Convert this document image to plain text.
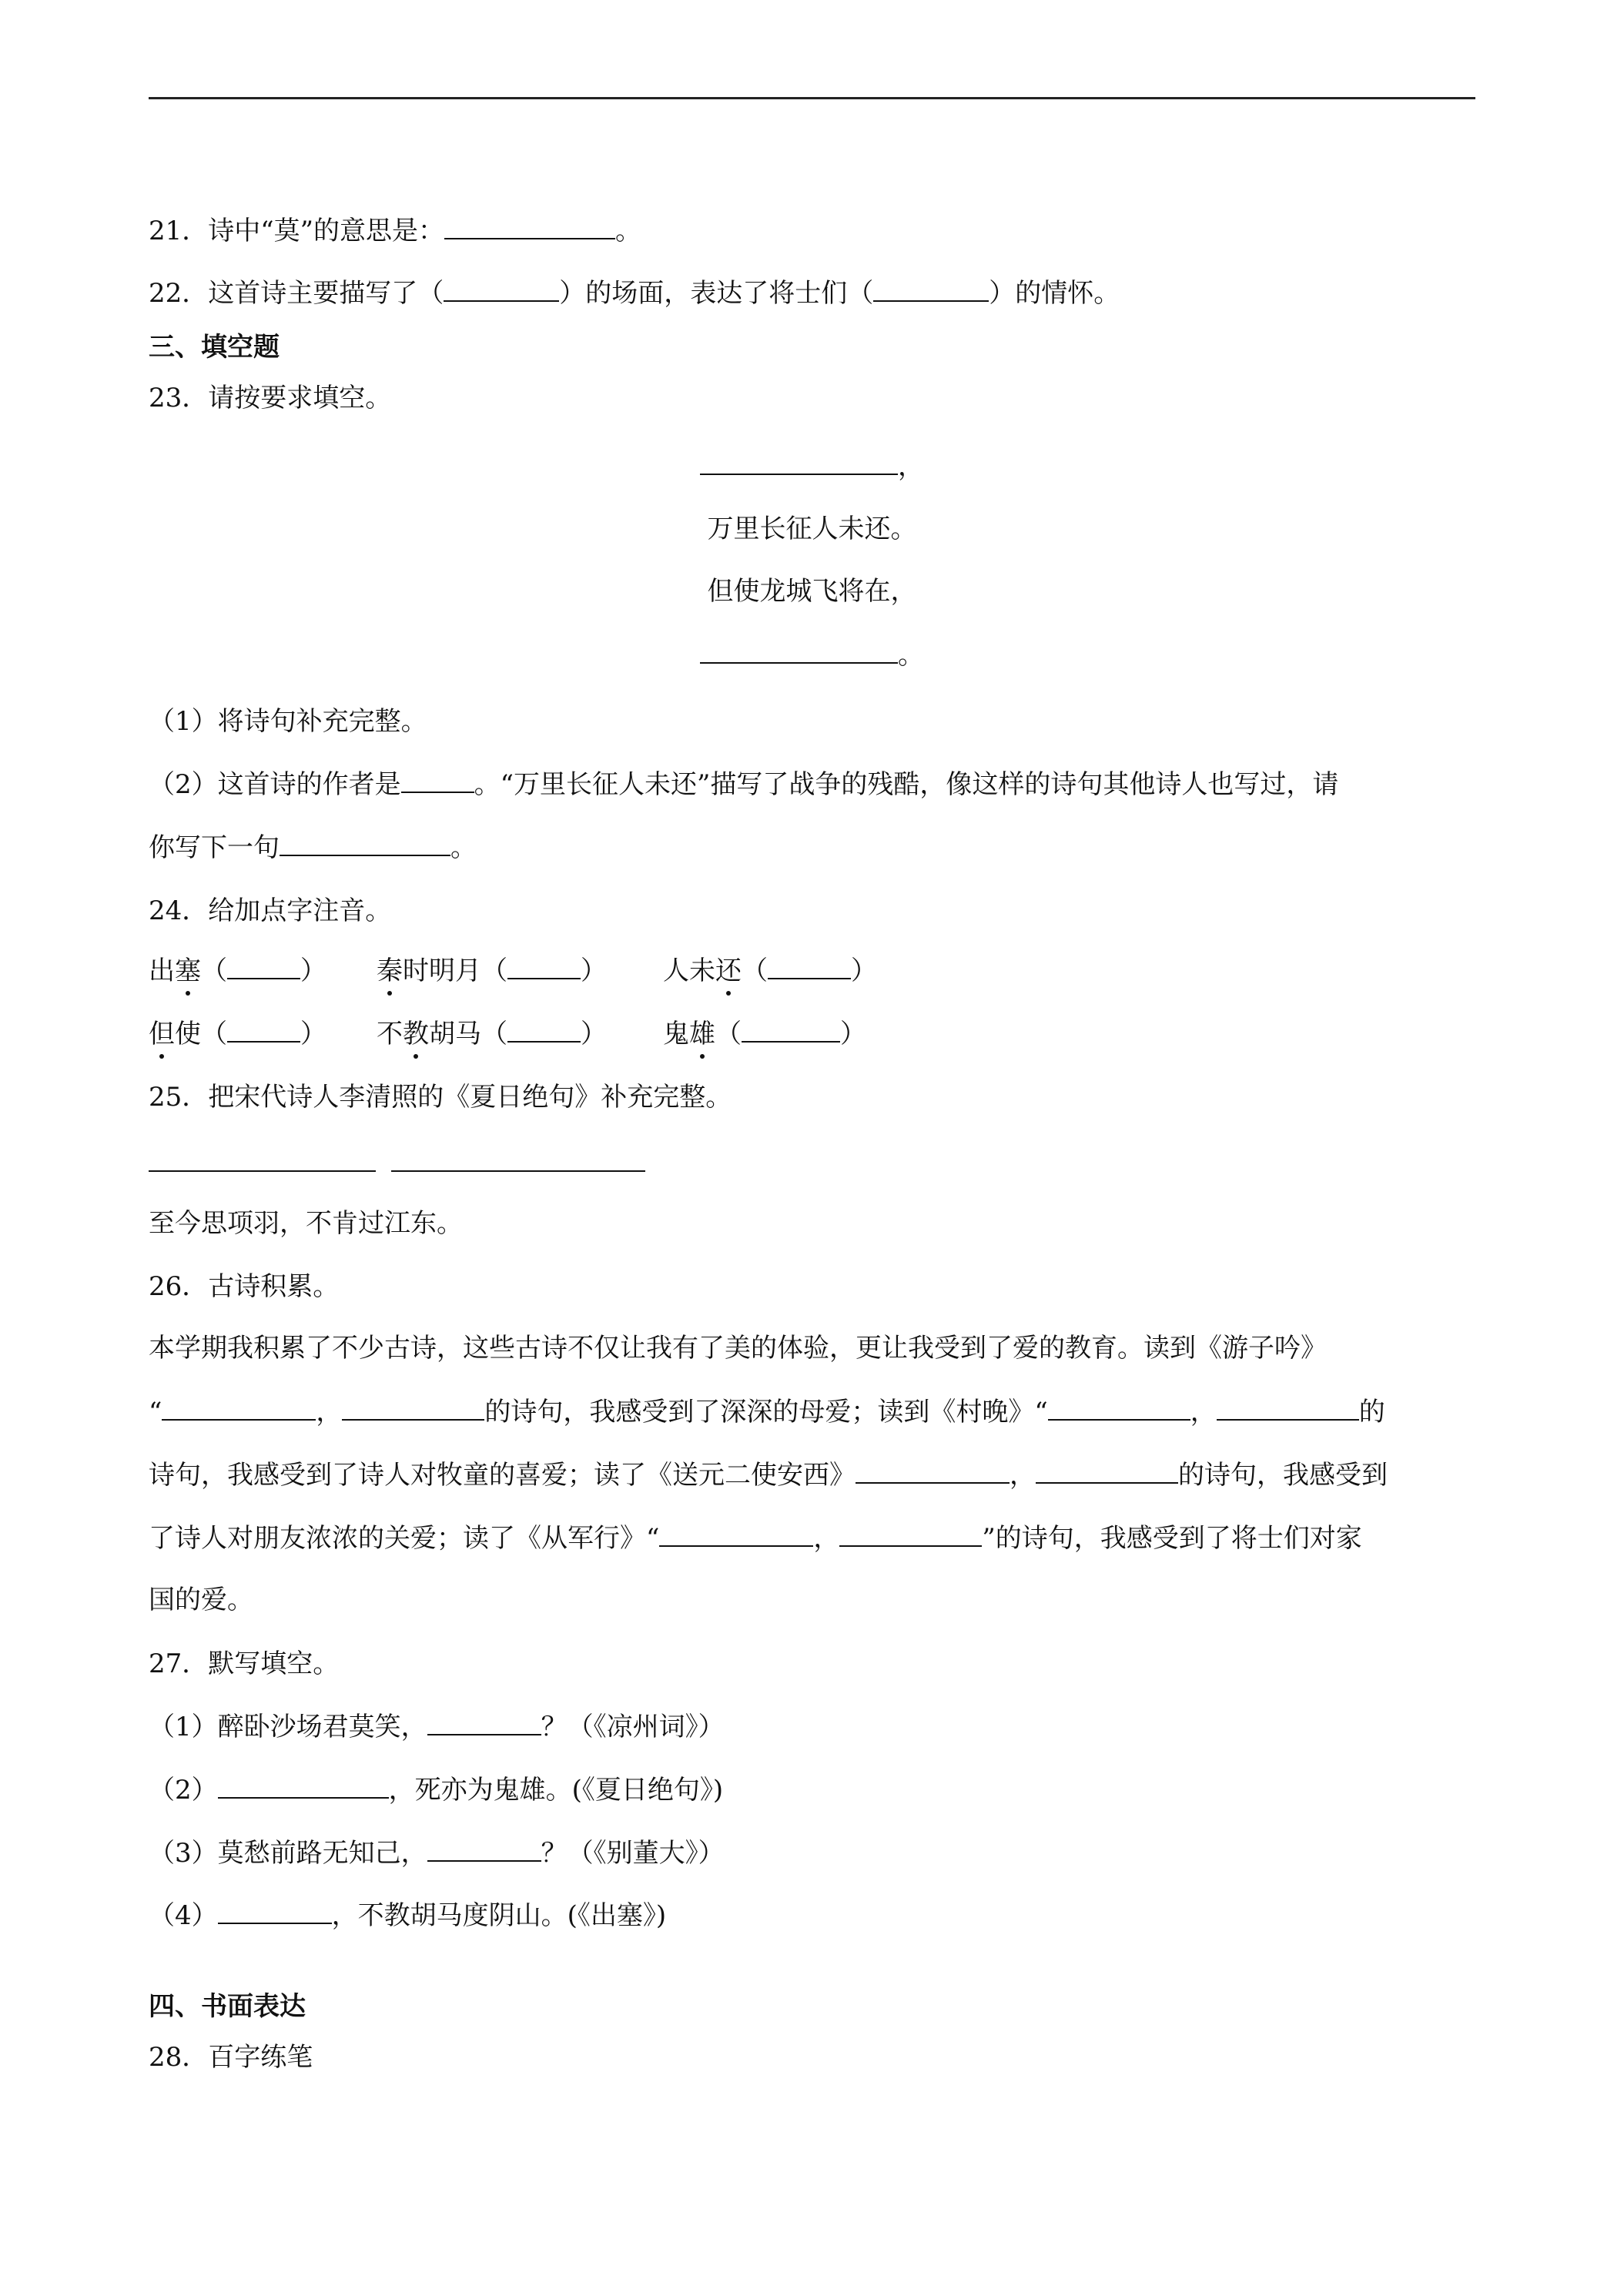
21．诗中“莫”的意思是：	。
22．这首诗主要描写了（	）的场面，表达了将士们（	）的情怀。
三、填空题
23．请按要求填空。
，
万里长征人未还。
但使龙城飞将在，
。
（1）将诗句补充完整。
（2）这首诗的作者是	。“万里长征人未还”描写了战争的残酷，像这样的诗句其他诗人也写过，请
你写下一句	。
24．给加点字注音。
出塞（	） 秦时明月（	） 人未还（	）
但使（	） 不教胡马（	） 鬼雄（	）
25．把宋代诗人李清照的《夏日绝句》补充完整。
至今思项羽，不肯过江东。
26．古诗积累。
本学期我积累了不少古诗，这些古诗不仅让我有了美的体验，更让我受到了爱的教育。读到《游子吟》
“	，	的诗句，我感受到了深深的母爱；读到《村晚》“	，	的
诗句，我感受到了诗人对牧童的喜爱；读了《送元二使安西》	，	的诗句，我感受到
了诗人对朋友浓浓的关爱；读了《从军行》“	，	”的诗句，我感受到了将士们对家
国的爱。
27．默写填空。
（1）醉卧沙场君莫笑，	？（《凉州词》）
（2）	，死亦为鬼雄。(《夏日绝句》)
（3）莫愁前路无知己，	？（《别董大》）
（4）	，不教胡马度阴山。(《出塞》)
四、书面表达
28．百字练笔
